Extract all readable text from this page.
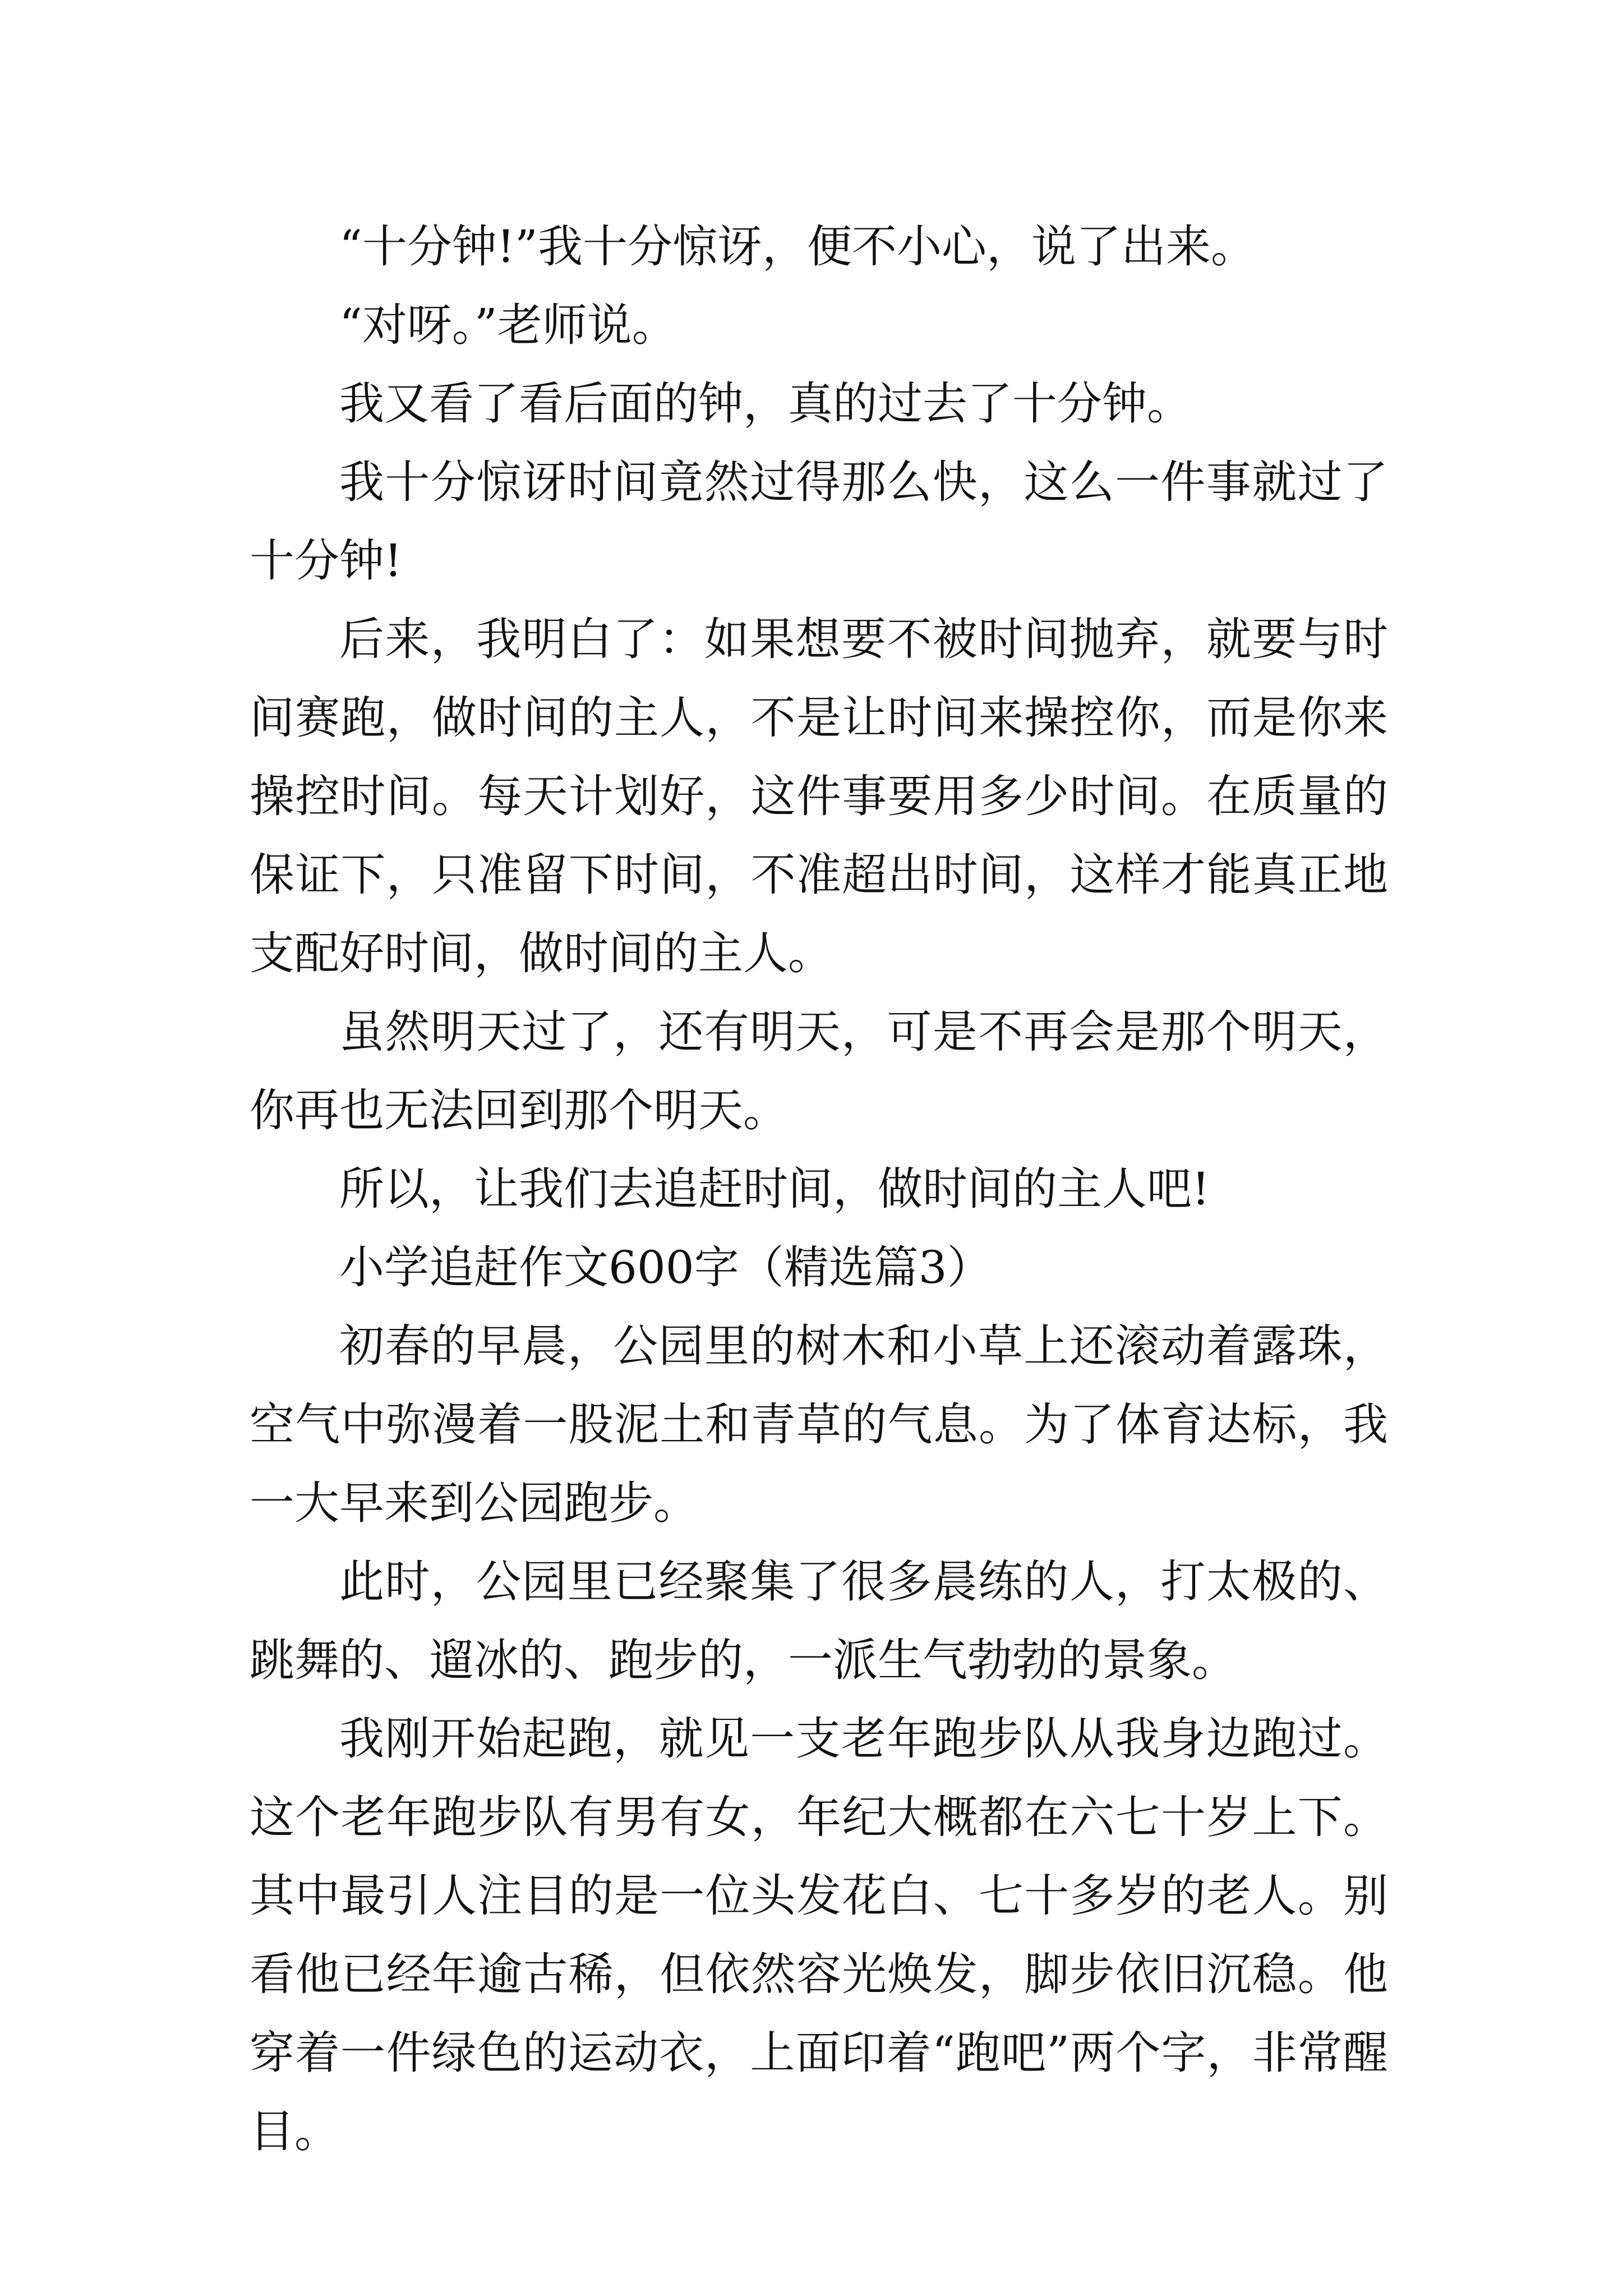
“十分钟!”我十分惊讶，便不小心，说了出来。

“对呀。”老师说。

我又看了看后面的钟，真的过去了十分钟。

我十分惊讶时间竟然过得那么快，这么一件事就过了十分钟!

后来，我明白了：如果想要不被时间抛弃，就要与时间赛跑，做时间的主人，不是让时间来操控你，而是你来操控时间。每天计划好，这件事要用多少时间。在质量的保证下，只准留下时间，不准超出时间，这样才能真正地支配好时间，做时间的主人。

虽然明天过了，还有明天，可是不再会是那个明天，你再也无法回到那个明天。

所以，让我们去追赶时间，做时间的主人吧!

小学追赶作文600字（精选篇3）

初春的早晨，公园里的树木和小草上还滚动着露珠，空气中弥漫着一股泥土和青草的气息。为了体育达标，我一大早来到公园跑步。

此时，公园里已经聚集了很多晨练的人，打太极的、跳舞的、遛冰的、跑步的，一派生气勃勃的景象。

我刚开始起跑，就见一支老年跑步队从我身边跑过。这个老年跑步队有男有女，年纪大概都在六七十岁上下。其中最引人注目的是一位头发花白、七十多岁的老人。别看他已经年逾古稀，但依然容光焕发，脚步依旧沉稳。他穿着一件绿色的运动衣，上面印着“跑吧”两个字，非常醒目。
